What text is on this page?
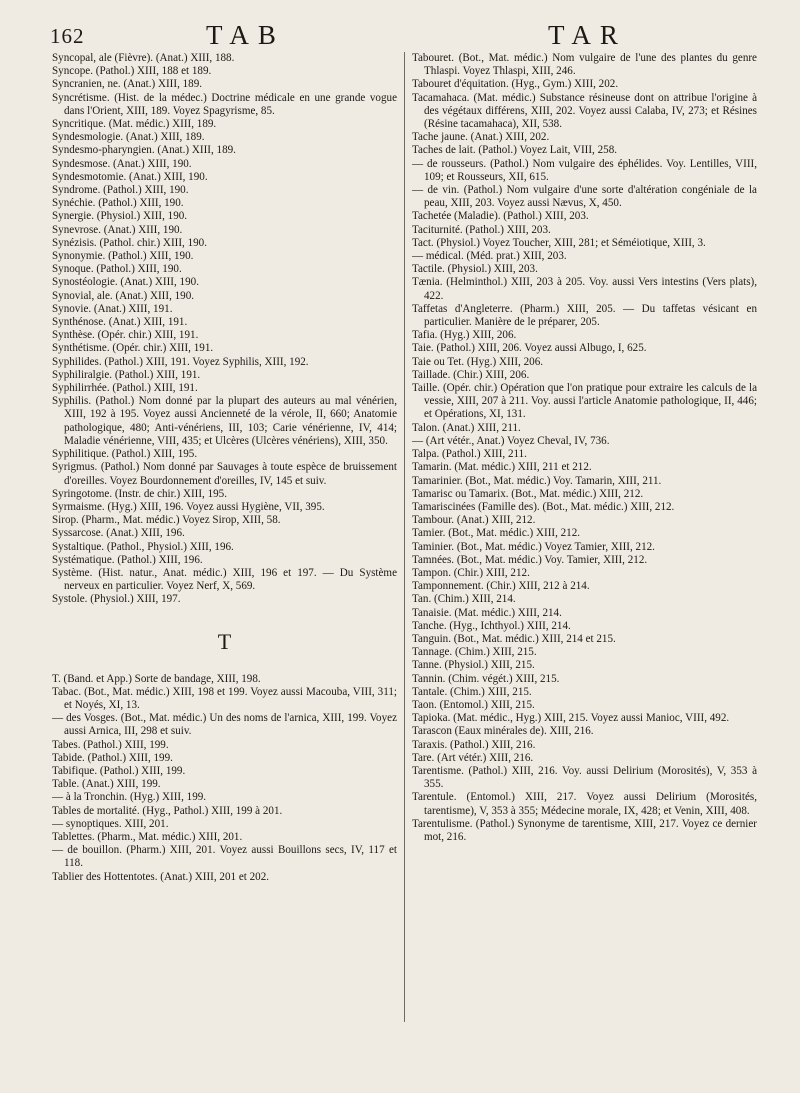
162	TAB	TAR

Syncopal, ale (Fièvre). (Anat.) XIII, 188.

Syncope. (Pathol.) XIII, 188 et 189.

Syncranien, ne. (Anat.) XIII, 189.

Syncrétisme. (Hist. de la médec.) Doctrine médicale en une grande vogue dans l'Orient, XIII, 189. Voyez Spagyrisme, 85.

Syncritique. (Mat. médic.) XIII, 189.

Syndesmologie. (Anat.) XIII, 189.

Syndesmo-pharyngien. (Anat.) XIII, 189.

Syndesmose. (Anat.) XIII, 190.

Syndesmotomie. (Anat.) XIII, 190.

Syndrome. (Pathol.) XIII, 190.

Synéchie. (Pathol.) XIII, 190.

Synergie. (Physiol.) XIII, 190.

Synevrose. (Anat.) XIII, 190.

Synézisis. (Pathol. chir.) XIII, 190.

Synonymie. (Pathol.) XIII, 190.

Synoque. (Pathol.) XIII, 190.

Synostéologie. (Anat.) XIII, 190.

Synovial, ale. (Anat.) XIII, 190.

Synovie. (Anat.) XIII, 191.

Synthénose. (Anat.) XIII, 191.

Synthèse. (Opér. chir.) XIII, 191.

Synthétisme. (Opér. chir.) XIII, 191.

Syphilides. (Pathol.) XIII, 191. Voyez Syphilis, XIII, 192.

Syphiliralgie. (Pathol.) XIII, 191.

Syphilirrhée. (Pathol.) XIII, 191.

Syphilis. (Pathol.) Nom donné par la plupart des auteurs au mal vénérien, XIII, 192 à 195. Voyez aussi Ancienneté de la vérole, II, 660; Anatomie pathologique, 480; Anti-vénériens, III, 103; Carie vénérienne, IV, 414; Maladie vénérienne, VIII, 435; et Ulcères (Ulcères vénériens), XIII, 350.

Syphilitique. (Pathol.) XIII, 195.

Syrigmus. (Pathol.) Nom donné par Sauvages à toute espèce de bruissement d'oreilles. Voyez Bourdonnement d'oreilles, IV, 145 et suiv.

Syringotome. (Instr. de chir.) XIII, 195.

Syrmaisme. (Hyg.) XIII, 196. Voyez aussi Hygiène, VII, 395.

Sirop. (Pharm., Mat. médic.) Voyez Sirop, XIII, 58.

Syssarcose. (Anat.) XIII, 196.

Systaltique. (Pathol., Physiol.) XIII, 196.

Systématique. (Pathol.) XIII, 196.

Système. (Hist. natur., Anat. médic.) XIII, 196 et 197. — Du Système nerveux en particulier. Voyez Nerf, X, 569.

Systole. (Physiol.) XIII, 197.

T

T. (Band. et App.) Sorte de bandage, XIII, 198.

Tabac. (Bot., Mat. médic.) XIII, 198 et 199. Voyez aussi Macouba, VIII, 311; et Noyés, XI, 13.

— des Vosges. (Bot., Mat. médic.) Un des noms de l'arnica, XIII, 199. Voyez aussi Arnica, III, 298 et suiv.

Tabes. (Pathol.) XIII, 199.

Tabide. (Pathol.) XIII, 199.

Tabifique. (Pathol.) XIII, 199.

Table. (Anat.) XIII, 199.

— à la Tronchin. (Hyg.) XIII, 199.

Tables de mortalité. (Hyg., Pathol.) XIII, 199 à 201.

— synoptiques. XIII, 201.

Tablettes. (Pharm., Mat. médic.) XIII, 201.

— de bouillon. (Pharm.) XIII, 201. Voyez aussi Bouillons secs, IV, 117 et 118.

Tablier des Hottentotes. (Anat.) XIII, 201 et 202.

Tabouret. (Bot., Mat. médic.) Nom vulgaire de l'une des plantes du genre Thlaspi. Voyez Thlaspi, XIII, 246.

Tabouret d'équitation. (Hyg., Gym.) XIII, 202.

Tacamahaca. (Mat. médic.) Substance résineuse dont on attribue l'origine à des végétaux différens, XIII, 202. Voyez aussi Calaba, IV, 273; et Résines (Résine tacamahaca), XII, 538.

Tache jaune. (Anat.) XIII, 202.

Taches de lait. (Pathol.) Voyez Lait, VIII, 258.

— de rousseurs. (Pathol.) Nom vulgaire des éphélides. Voy. Lentilles, VIII, 109; et Rousseurs, XII, 615.

— de vin. (Pathol.) Nom vulgaire d'une sorte d'altération congéniale de la peau, XIII, 203. Voyez aussi Nævus, X, 450.

Tachetée (Maladie). (Pathol.) XIII, 203.

Taciturnité. (Pathol.) XIII, 203.

Tact. (Physiol.) Voyez Toucher, XIII, 281; et Séméiotique, XIII, 3.

— médical. (Méd. prat.) XIII, 203.

Tactile. (Physiol.) XIII, 203.

Tænia. (Helminthol.) XIII, 203 à 205. Voy. aussi Vers intestins (Vers plats), 422.

Taffetas d'Angleterre. (Pharm.) XIII, 205. — Du taffetas vésicant en particulier. Manière de le préparer, 205.

Tafia. (Hyg.) XIII, 206.

Taie. (Pathol.) XIII, 206. Voyez aussi Albugo, I, 625.

Taie ou Tet. (Hyg.) XIII, 206.

Taillade. (Chir.) XIII, 206.

Taille. (Opér. chir.) Opération que l'on pratique pour extraire les calculs de la vessie, XIII, 207 à 211. Voy. aussi l'article Anatomie pathologique, II, 446; et Opérations, XI, 131.

Talon. (Anat.) XIII, 211.

— (Art vétér., Anat.) Voyez Cheval, IV, 736.

Talpa. (Pathol.) XIII, 211.

Tamarin. (Mat. médic.) XIII, 211 et 212.

Tamarinier. (Bot., Mat. médic.) Voy. Tamarin, XIII, 211.

Tamarisc ou Tamarix. (Bot., Mat. médic.) XIII, 212.

Tamariscinées (Famille des). (Bot., Mat. médic.) XIII, 212.

Tambour. (Anat.) XIII, 212.

Tamier. (Bot., Mat. médic.) XIII, 212.

Taminier. (Bot., Mat. médic.) Voyez Tamier, XIII, 212.

Tamnées. (Bot., Mat. médic.) Voy. Tamier, XIII, 212.

Tampon. (Chir.) XIII, 212.

Tamponnement. (Chir.) XIII, 212 à 214.

Tan. (Chim.) XIII, 214.

Tanaisie. (Mat. médic.) XIII, 214.

Tanche. (Hyg., Ichthyol.) XIII, 214.

Tanguin. (Bot., Mat. médic.) XIII, 214 et 215.

Tannage. (Chim.) XIII, 215.

Tanne. (Physiol.) XIII, 215.

Tannin. (Chim. végét.) XIII, 215.

Tantale. (Chim.) XIII, 215.

Taon. (Entomol.) XIII, 215.

Tapioka. (Mat. médic., Hyg.) XIII, 215. Voyez aussi Manioc, VIII, 492.

Tarascon (Eaux minérales de). XIII, 216.

Taraxis. (Pathol.) XIII, 216.

Tare. (Art vétér.) XIII, 216.

Tarentisme. (Pathol.) XIII, 216. Voy. aussi Delirium (Morosités), V, 353 à 355.

Tarentule. (Entomol.) XIII, 217. Voyez aussi Delirium (Morosités, tarentisme), V, 353 à 355; Médecine morale, IX, 428; et Venin, XIII, 408.

Tarentulisme. (Pathol.) Synonyme de tarentisme, XIII, 217. Voyez ce dernier mot, 216.
